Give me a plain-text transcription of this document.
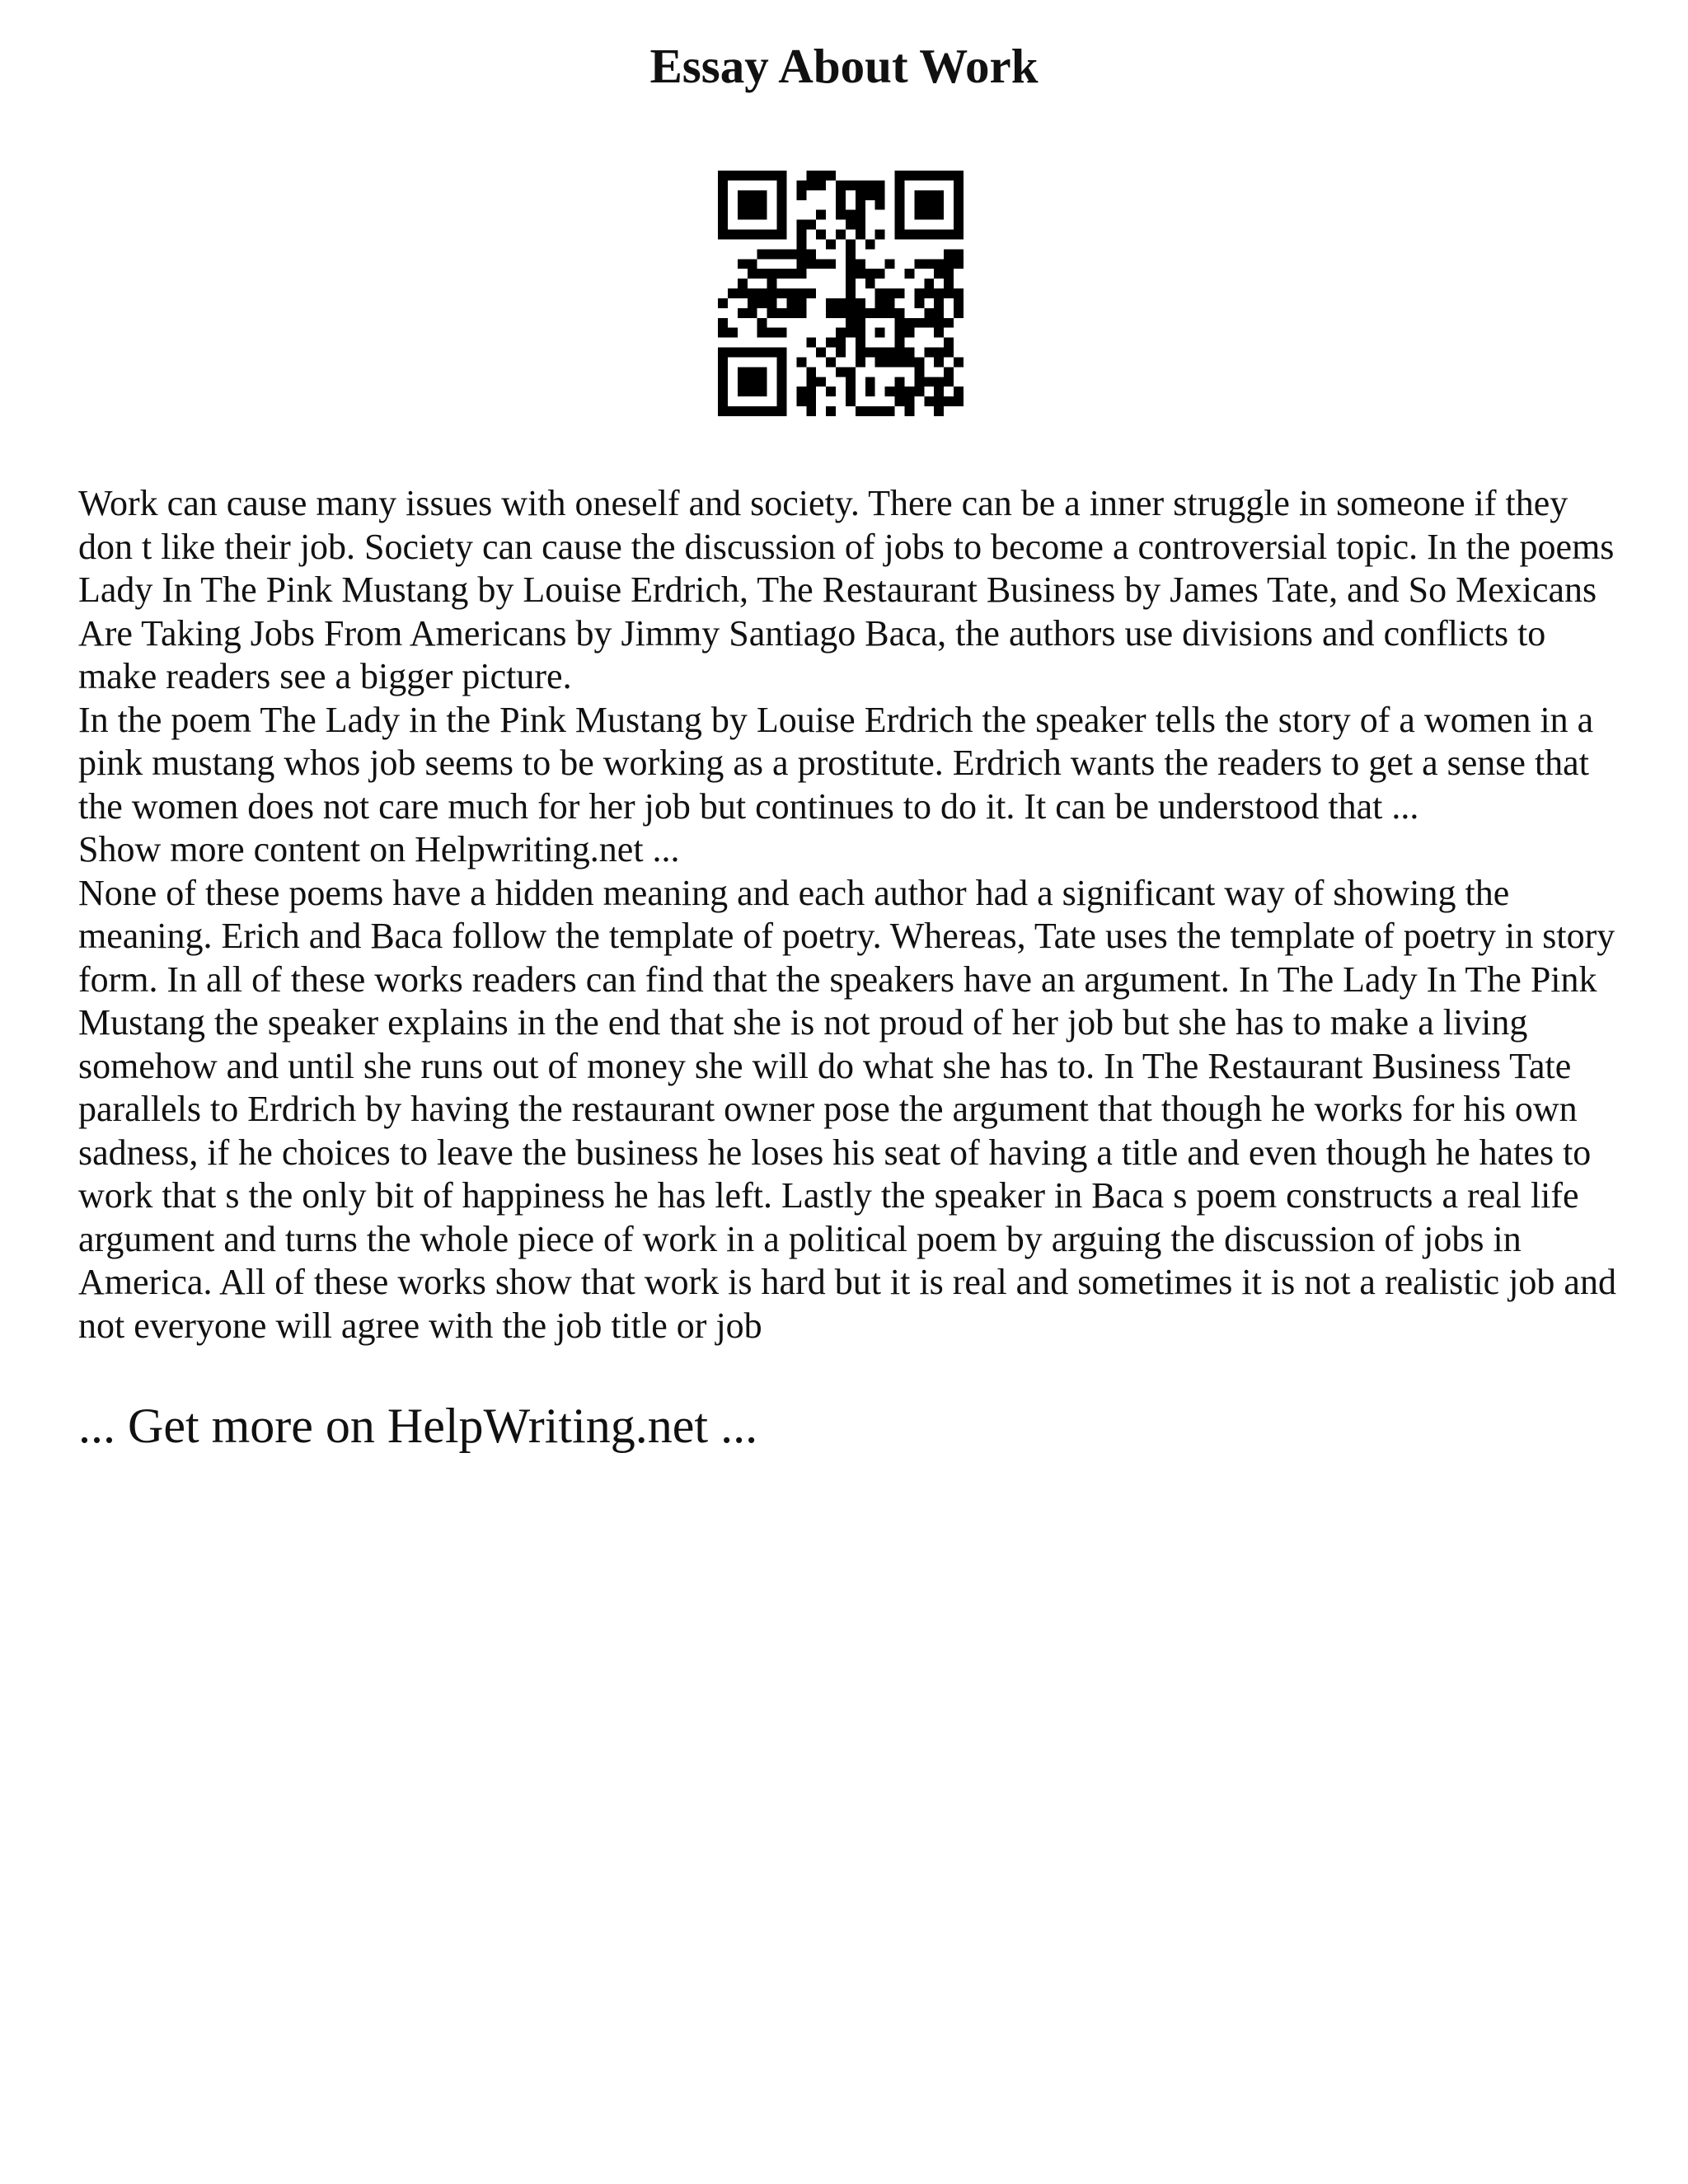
Essay About Work

Work can cause many issues with oneself and society. There can be a inner struggle in someone if they don t like their job. Society can cause the discussion of jobs to become a controversial topic. In the poems Lady In The Pink Mustang by Louise Erdrich, The Restaurant Business by James Tate, and So Mexicans Are Taking Jobs From Americans by Jimmy Santiago Baca, the authors use divisions and conflicts to make readers see a bigger picture.

In the poem The Lady in the Pink Mustang by Louise Erdrich the speaker tells the story of a women in a pink mustang whos job seems to be working as a prostitute. Erdrich wants the readers to get a sense that the women does not care much for her job but continues to do it. It can be understood that ...

Show more content on Helpwriting.net ...

None of these poems have a hidden meaning and each author had a significant way of showing the meaning. Erich and Baca follow the template of poetry. Whereas, Tate uses the template of poetry in story form. In all of these works readers can find that the speakers have an argument. In The Lady In The Pink Mustang the speaker explains in the end that she is not proud of her job but she has to make a living somehow and until she runs out of money she will do what she has to. In The Restaurant Business Tate parallels to Erdrich by having the restaurant owner pose the argument that though he works for his own sadness, if he choices to leave the business he loses his seat of having a title and even though he hates to work that s the only bit of happiness he has left. Lastly the speaker in Baca s poem constructs a real life argument and turns the whole piece of work in a political poem by arguing the discussion of jobs in America. All of these works show that work is hard but it is real and sometimes it is not a realistic job and not everyone will agree with the job title or job

... Get more on HelpWriting.net ...
